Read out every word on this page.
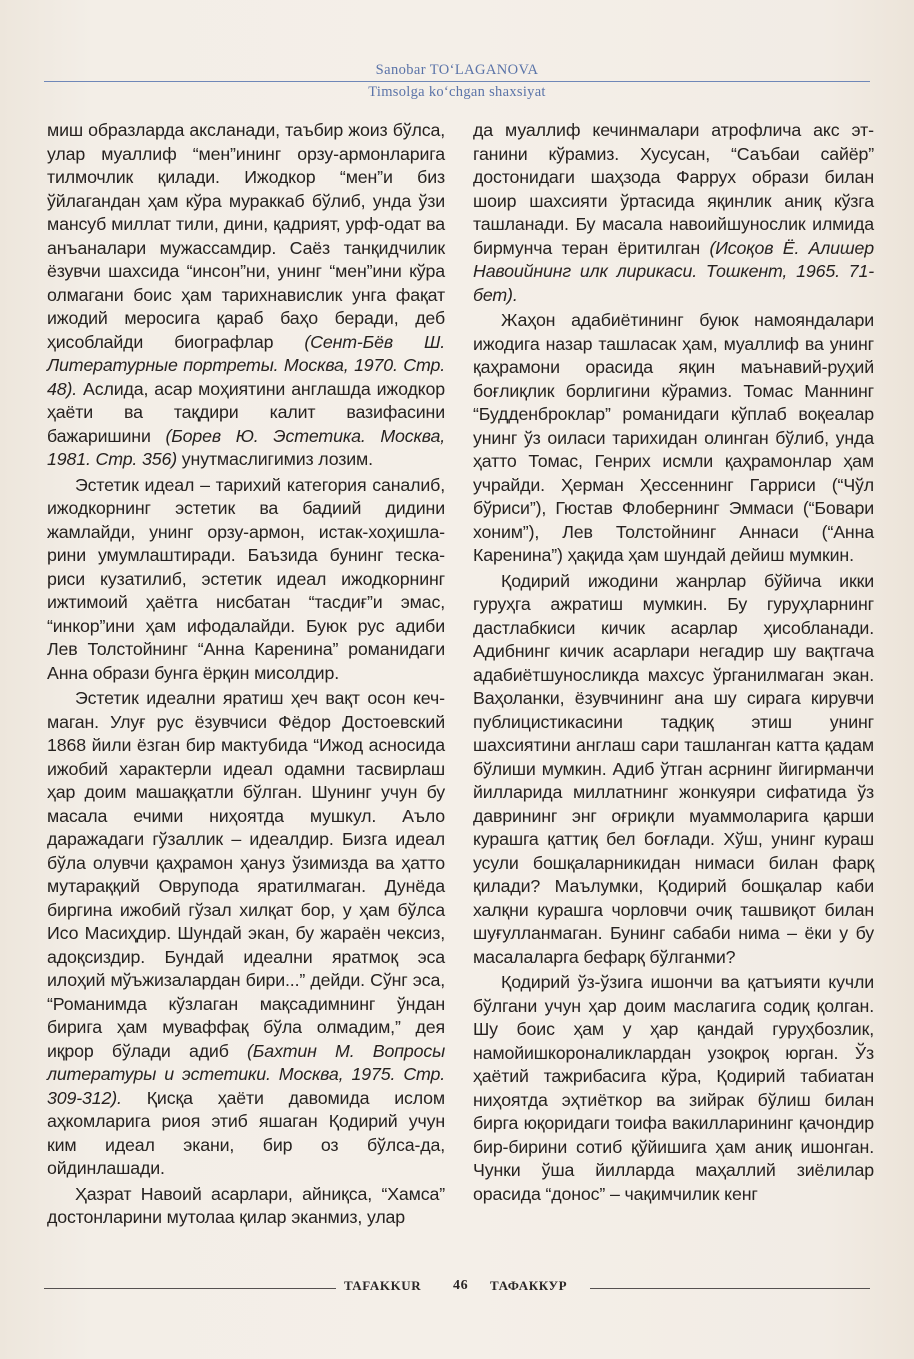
Sanobar TO‘LAGANOVA
Timsolga ko‘chgan shaxsiyat

миш образларда аксланади, таъбир жоиз бўлса, улар муаллиф “мен”ининг орзу-армонларига тилмочлик қилади. Ижодкор “мен”и биз ўйлагандан ҳам кўра мураккаб бўлиб, унда ўзи мансуб миллат тили, дини, қадрият, урф-одат ва анъаналари мужассамдир. Саёз танқидчилик ёзувчи шахсида “инсон”ни, унинг “мен”ини кўра олмагани боис ҳам тарихнавислик унга фақат ижодий меросига қараб баҳо беради, деб ҳисоблайди биографлар (Сент-Бёв Ш. Литературные портреты. Москва, 1970. Стр. 48). Аслида, асар моҳиятини англашда ижодкор ҳаёти ва тақдири калит вазифасини бажаришини (Борев Ю. Эстетика. Москва, 1981. Стр. 356) унутмаслигимиз лозим.

Эстетик идеал – тарихий категория саналиб, ижодкорнинг эстетик ва бадиий дидини жамлайди, унинг орзу-армон, истак-хоҳишларини умумлаштиради. Баъзида бунинг тескaриси кузатилиб, эстетик идеал ижодкорнинг ижтимоий ҳаётга нисбатан “тасдиғ”и эмас, “инкор”ини ҳам ифодалайди. Буюк рус адиби Лев Толстойнинг “Анна Каренина” романидаги Анна образи бунга ёрқин мисолдир.

Эстетик идеални яратиш ҳеч вақт осон кечмаган. Улуғ рус ёзувчиси Фёдор Достоевский 1868 йили ёзган бир мактубида “Ижод асносида ижобий характерли идеал одамни тасвирлаш ҳар доим машаққатли бўлган. Шунинг учун бу масала ечими ниҳоятда мушкул. Аъло даражадаги гўзаллик – идеалдир. Бизга идеал бўла олувчи қаҳрамон ҳануз ўзимизда ва ҳатто мутараққий Оврупода яратилмаган. Дунёда биргина ижобий гўзал хилқат бор, у ҳам бўлса Исо Масиҳдир. Шундай экан, бу жараён чексиз, адоқсиздир. Бундай идеални яратмоқ эса илоҳий мўъжизалардан бири...” дейди. Сўнг эса, “Романимда кўзлаган мақсадимнинг ўндан бирига ҳам муваффақ бўла олмадим,” дея иқрор бўлади адиб (Бахтин М. Вопросы литературы и эстетики. Москва, 1975. Стр. 309-312). Қисқа ҳаёти давомида ислом аҳкомларига риоя этиб яшаган Қодирий учун ким идеал экани, бир оз бўлса-да, ойдинлашади.

Ҳазрат Навоий асарлари, айниқса, “Хамса” достонларини мутолаа қилар эканмиз, улар

да муаллиф кечинмалари атрофлича акс этганини кўрамиз. Хусусан, “Саъбаи сайёр” достонидаги шаҳзода Фаррух образи билан шоир шахсияти ўртасида яқинлик аниқ кўзга ташланади. Бу масала навоийшунослик илмида бирмунча теран ёритилган (Исоқов Ё. Алишер Навоийнинг илк лирикаси. Тошкент, 1965. 71-бет).

Жаҳон адабиётининг буюк намояндалари ижодига назар ташласак ҳам, муаллиф ва унинг қаҳрамони орасида яқин маънавий-руҳий боғлиқлик борлигини кўрамиз. Томас Маннинг “Будденброклар” романидаги кўплаб воқеалар унинг ўз оиласи тарихидан олинган бўлиб, унда ҳатто Томас, Генрих исмли қаҳрамонлар ҳам учрайди. Ҳерман Ҳессеннинг Гарриси (“Чўл бўриси”), Гюстав Флобернинг Эммаси (“Бовари хоним”), Лев Толстойнинг Аннаси (“Анна Каренина”) ҳақида ҳам шундай дейиш мумкин.

Қодирий ижодини жанрлар бўйича икки гуруҳга ажратиш мумкин. Бу гуруҳларнинг дастлабкиси кичик асарлар ҳисобланади. Адибнинг кичик асарлари негадир шу вақтгача адабиётшуносликда махсус ўрганилмаган экан. Ваҳоланки, ёзувчининг ана шу сирага кирувчи публицистикасини тадқиқ этиш унинг шахсиятини англаш сари ташланган катта қадам бўлиши мумкин. Адиб ўтган асрнинг йигирманчи йилларида миллатнинг жонкуяри сифатида ўз даврининг энг оғриқли муаммоларига қарши курашга қаттиқ бел боғлади. Хўш, унинг кураш усули бошқаларникидан нимаси билан фарқ қилади? Маълумки, Қодирий бошқалар каби халқни курашга чорловчи очиқ ташвиқот билан шуғулланмаган. Бунинг сабаби нима – ёки у бу масалаларга бефарқ бўлганми?

Қодирий ўз-ўзига ишончи ва қатъияти кучли бўлгани учун ҳар доим маслагига содиқ қолган. Шу боис ҳам у ҳар қандай гуруҳбозлик, намойишкороналиклардан узоқроқ юрган. Ўз ҳаётий тажрибасига кўра, Қодирий табиатан ниҳоятда эҳтиёткор ва зийрак бўлиш билан бирга юқоридаги тоифа вакилларининг қачондир бир-бирини сотиб қўйишига ҳам аниқ ишонган. Чунки ўша йилларда маҳаллий зиёлилар орасида “донос” – чақимчилик кенг

TAFAKKUR 46 ТАФАККУР
